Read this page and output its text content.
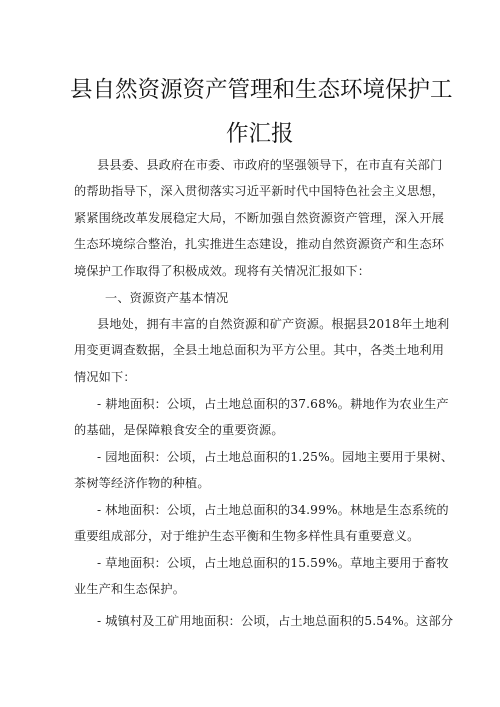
县自然资源资产管理和生态环境保护工
作汇报

县县委、县政府在市委、市政府的坚强领导下，在市直有关部门

的帮助指导下，深入贯彻落实习近平新时代中国特色社会主义思想，

紧紧围绕改革发展稳定大局，不断加强自然资源资产管理，深入开展

生态环境综合整治，扎实推进生态建设，推动自然资源资产和生态环

境保护工作取得了积极成效。现将有关情况汇报如下：

一、资源资产基本情况

县地处，拥有丰富的自然资源和矿产资源。根据县2018年土地利

用变更调查数据，全县土地总面积为平方公里。其中，各类土地利用

情况如下：

- 耕地面积：公顷，占土地总面积的37.68%。耕地作为农业生产

的基础，是保障粮食安全的重要资源。

- 园地面积：公顷，占土地总面积的1.25%。园地主要用于果树、

茶树等经济作物的种植。

- 林地面积：公顷，占土地总面积的34.99%。林地是生态系统的

重要组成部分，对于维护生态平衡和生物多样性具有重要意义。

- 草地面积：公顷，占土地总面积的15.59%。草地主要用于畜牧

业生产和生态保护。

- 城镇村及工矿用地面积：公顷，占土地总面积的5.54%。这部分
